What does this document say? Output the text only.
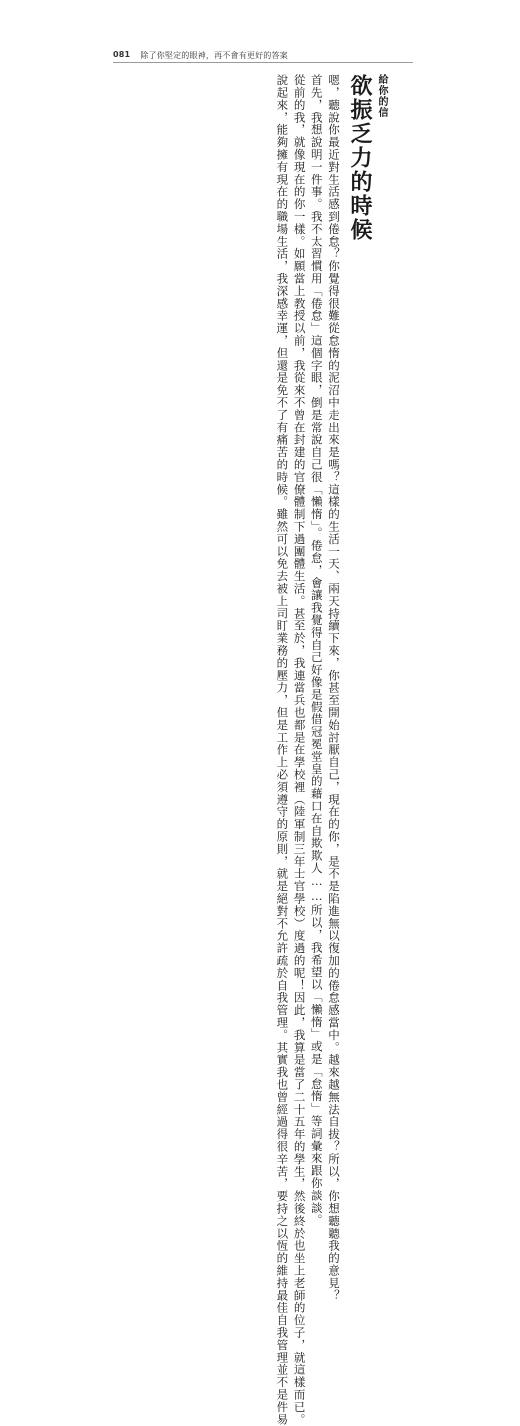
081 除了你堅定的眼神，再不會有更好的答案
給你的信
欲振乏力的時候

嗯，聽說你最近對生活感到倦怠？你覺得很難從怠惰的泥沼中走出來是嗎？這樣的生活一天、兩天持續下來，你甚至開始討厭自己，現在的你，是不是陷進無以復加的倦怠感當中。越來越無法自拔？所以，你想聽聽我的意見？

首先，我想說明一件事。我不太習慣用「倦怠」這個字眼，倒是常說自己很「懶惰」。倦怠，會讓我覺得自己好像是假借冠冕堂皇的藉口在自欺欺人……所以，我希望以「懶惰」或是「怠惰」等詞彙來跟你談談。

從前的我，就像現在的你一樣。如願當上教授以前，我從來不曾在封建的官僚體制下過團體生活。甚至於，我連當兵也都是在學校裡（陸軍制三年士官學校）度過的呢！因此，我算是當了二十五年的學生，然後終於也坐上老師的位子，就這樣而已。

說起來，能夠擁有現在的職場生活，我深感幸運，但還是免不了有痛苦的時候。雖然可以免去被上司盯業務的壓力，但是工作上必須遵守的原則，就是絕對不允許疏於自我管理。其實我也曾經過得很辛苦，要持之以恆的維持最佳自我管理並不是件易
